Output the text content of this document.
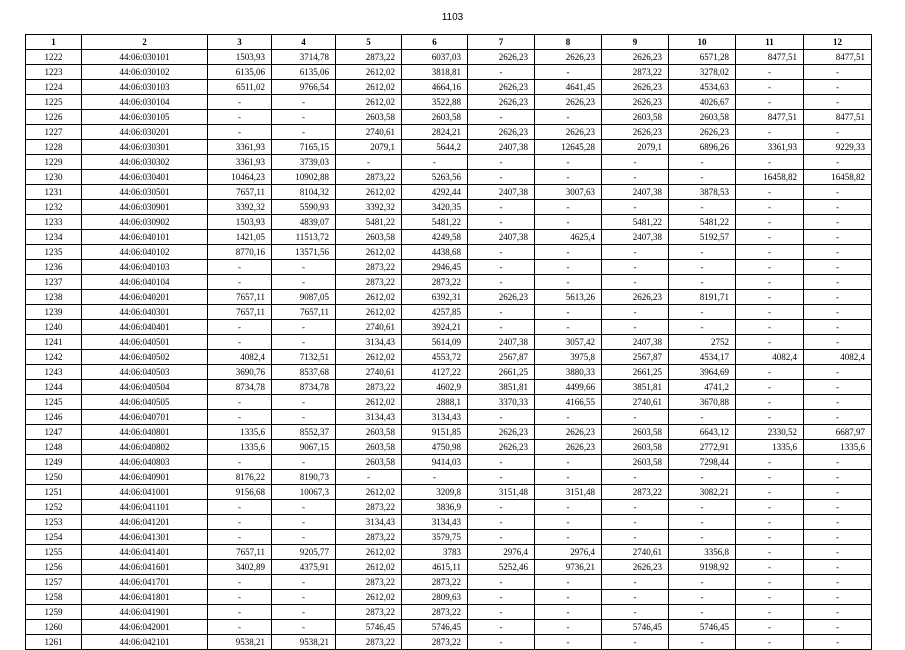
1103
1	2	3	4	5	6	7	8	9	10	11	12
1222	44:06:030101	1503,93	3714,78	2873,22	6037,03	2626,23	2626,23	2626,23	6571,28	8477,51	8477,51
1223	44:06:030102	6135,06	6135,06	2612,02	3818,81	-	-	2873,22	3278,02	-	-
1224	44:06:030103	6511,02	9766,54	2612,02	4664,16	2626,23	4641,45	2626,23	4534,63	-	-
1225	44:06:030104	-	-	2612,02	3522,88	2626,23	2626,23	2626,23	4026,67	-	-
1226	44:06:030105	-	-	2603,58	2603,58	-	-	2603,58	2603,58	8477,51	8477,51
1227	44:06:030201	-	-	2740,61	2824,21	2626,23	2626,23	2626,23	2626,23	-	-
1228	44:06:030301	3361,93	7165,15	2079,1	5644,2	2407,38	12645,28	2079,1	6896,26	3361,93	9229,33
1229	44:06:030302	3361,93	3739,03	-	-	-	-	-	-	-	-
1230	44:06:030401	10464,23	10902,88	2873,22	5263,56	-	-	-	-	16458,82	16458,82
1231	44:06:030501	7657,11	8104,32	2612,02	4292,44	2407,38	3007,63	2407,38	3878,53	-	-
1232	44:06:030901	3392,32	5590,93	3392,32	3420,35	-	-	-	-	-	-
1233	44:06:030902	1503,93	4839,07	5481,22	5481,22	-	-	5481,22	5481,22	-	-
1234	44:06:040101	1421,05	11513,72	2603,58	4249,58	2407,38	4625,4	2407,38	5192,57	-	-
1235	44:06:040102	8770,16	13571,56	2612,02	4438,68	-	-	-	-	-	-
1236	44:06:040103	-	-	2873,22	2946,45	-	-	-	-	-	-
1237	44:06:040104	-	-	2873,22	2873,22	-	-	-	-	-	-
1238	44:06:040201	7657,11	9087,05	2612,02	6392,31	2626,23	5613,26	2626,23	8191,71	-	-
1239	44:06:040301	7657,11	7657,11	2612,02	4257,85	-	-	-	-	-	-
1240	44:06:040401	-	-	2740,61	3924,21	-	-	-	-	-	-
1241	44:06:040501	-	-	3134,43	5614,09	2407,38	3057,42	2407,38	2752	-	-
1242	44:06:040502	4082,4	7132,51	2612,02	4553,72	2567,87	3975,8	2567,87	4534,17	4082,4	4082,4
1243	44:06:040503	3690,76	8537,68	2740,61	4127,22	2661,25	3880,33	2661,25	3964,69	-	-
1244	44:06:040504	8734,78	8734,78	2873,22	4602,9	3851,81	4499,66	3851,81	4741,2	-	-
1245	44:06:040505	-	-	2612,02	2888,1	3370,33	4166,55	2740,61	3670,88	-	-
1246	44:06:040701	-	-	3134,43	3134,43	-	-	-	-	-	-
1247	44:06:040801	1335,6	8552,37	2603,58	9151,85	2626,23	2626,23	2603,58	6643,12	2330,52	6687,97
1248	44:06:040802	1335,6	9067,15	2603,58	4750,98	2626,23	2626,23	2603,58	2772,91	1335,6	1335,6
1249	44:06:040803	-	-	2603,58	9414,03	-	-	2603,58	7298,44	-	-
1250	44:06:040901	8176,22	8190,73	-	-	-	-	-	-	-	-
1251	44:06:041001	9156,68	10067,3	2612,02	3209,8	3151,48	3151,48	2873,22	3082,21	-	-
1252	44:06:041101	-	-	2873,22	3836,9	-	-	-	-	-	-
1253	44:06:041201	-	-	3134,43	3134,43	-	-	-	-	-	-
1254	44:06:041301	-	-	2873,22	3579,75	-	-	-	-	-	-
1255	44:06:041401	7657,11	9205,77	2612,02	3783	2976,4	2976,4	2740,61	3356,8	-	-
1256	44:06:041601	3402,89	4375,91	2612,02	4615,11	5252,46	9736,21	2626,23	9198,92	-	-
1257	44:06:041701	-	-	2873,22	2873,22	-	-	-	-	-	-
1258	44:06:041801	-	-	2612,02	2809,63	-	-	-	-	-	-
1259	44:06:041901	-	-	2873,22	2873,22	-	-	-	-	-	-
1260	44:06:042001	-	-	5746,45	5746,45	-	-	5746,45	5746,45	-	-
1261	44:06:042101	9538,21	9538,21	2873,22	2873,22	-	-	-	-	-	-
